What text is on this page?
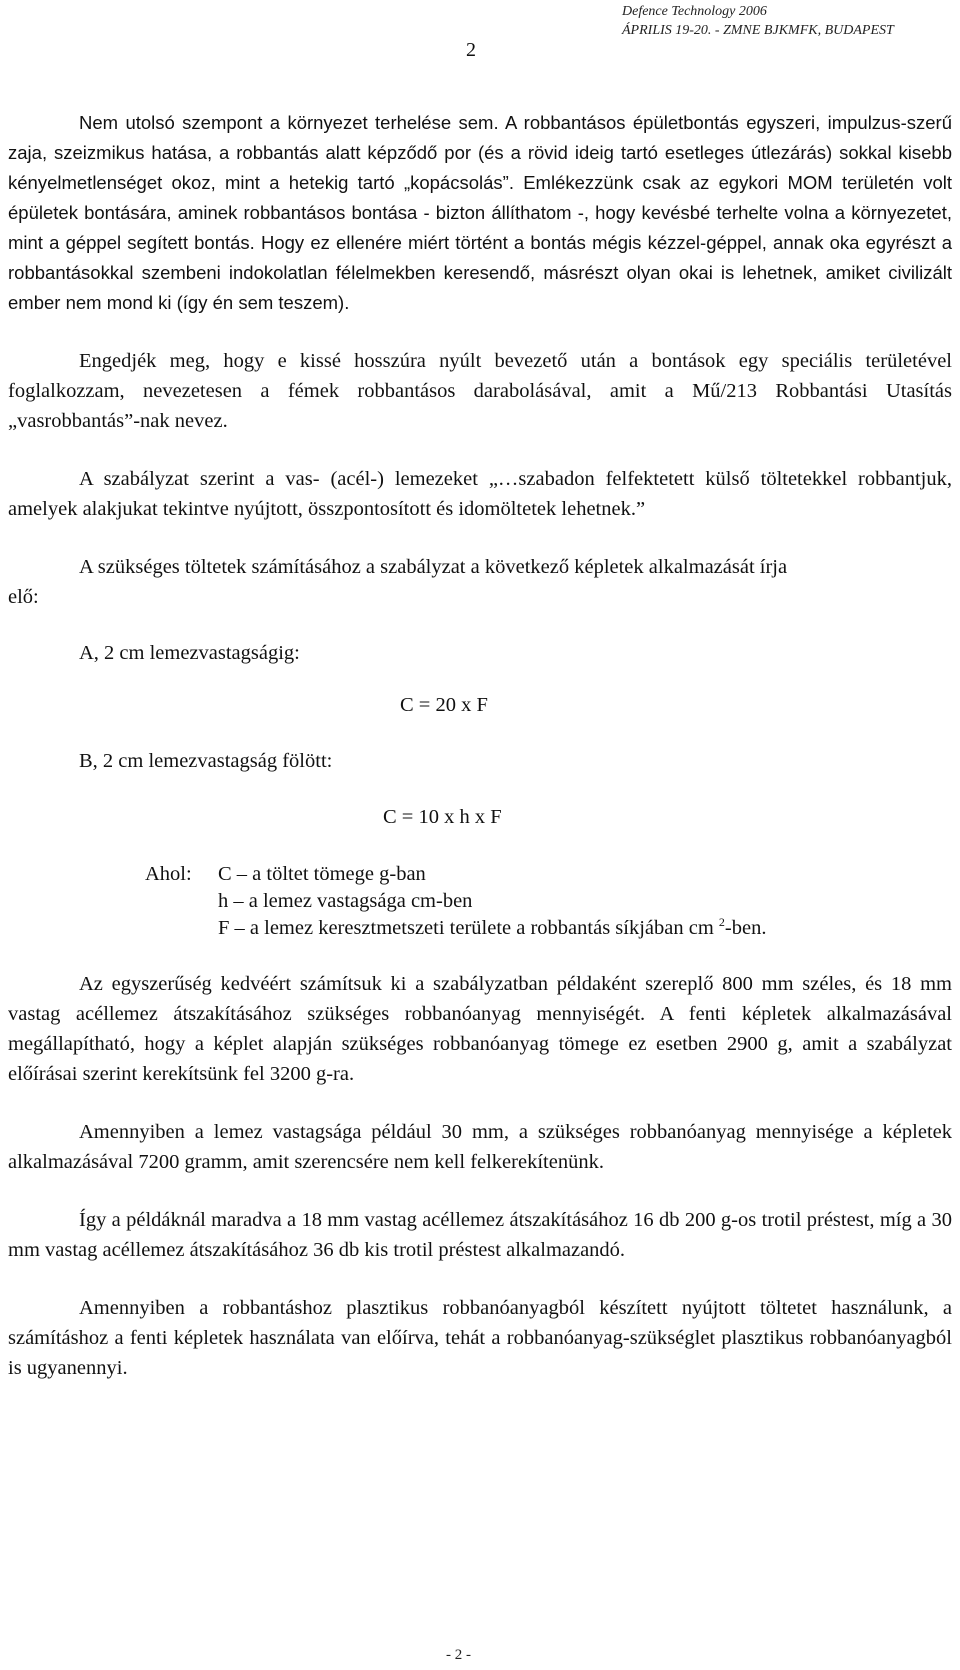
Defence Technology 2006
ÁPRILIS 19-20. - ZMNE BJKMFK, BUDAPEST
2

Nem utolsó szempont a környezet terhelése sem. A robbantásos épületbontás egyszeri, impulzus-szerű zaja, szeizmikus hatása, a robbantás alatt képződő por (és a rövid ideig tartó esetleges útlezárás) sokkal kisebb kényelmetlenséget okoz, mint a hetekig tartó „kopácsolás”. Emlékezzünk csak az egykori MOM területén volt épületek bontására, aminek robbantásos bontása - bizton állíthatom -, hogy kevésbé terhelte volna a környezetet, mint a géppel segített bontás. Hogy ez ellenére miért történt a bontás mégis kézzel-géppel, annak oka egyrészt a robbantásokkal szembeni indokolatlan félelmekben keresendő, másrészt olyan okai is lehetnek, amiket civilizált ember nem mond ki (így én sem teszem).

Engedjék meg, hogy e kissé hosszúra nyúlt bevezető után a bontások egy speciális területével foglalkozzam, nevezetesen a fémek robbantásos darabolásával, amit a Mű/213 Robbantási Utasítás „vasrobbantás”-nak nevez.

A szabályzat szerint a vas- (acél-) lemezeket „…szabadon felfektetett külső töltetekkel robbantjuk, amelyek alakjukat tekintve nyújtott, összpontosított és idomöltetek lehetnek.”

A szükséges töltetek számításához a szabályzat a következő képletek alkalmazását írja
elő:
A, 2 cm lemezvastagságig:
C = 20 x F
B, 2 cm lemezvastagság fölött:
C = 10 x h x F
Ahol:	C – a töltet tömege g-ban
h – a lemez vastagsága cm-ben
F – a lemez keresztmetszeti területe a robbantás síkjában cm $^2$-ben.

Az egyszerűség kedvéért számítsuk ki a szabályzatban példaként szereplő 800 mm széles, és 18 mm vastag acéllemez átszakításához szükséges robbanóanyag mennyiségét. A fenti képletek alkalmazásával megállapítható, hogy a képlet alapján szükséges robbanóanyag tömege ez esetben 2900 g, amit a szabályzat előírásai szerint kerekítsünk fel 3200 g-ra.

Amennyiben a lemez vastagsága például 30 mm, a szükséges robbanóanyag mennyisége a képletek alkalmazásával 7200 gramm, amit szerencsére nem kell felkerekítenünk.

Így a példáknál maradva a 18 mm vastag acéllemez átszakításához 16 db 200 g-os trotil préstest, míg a 30 mm vastag acéllemez átszakításához 36 db kis trotil préstest alkalmazandó.

Amennyiben a robbantáshoz plasztikus robbanóanyagból készített nyújtott töltetet használunk, a számításhoz a fenti képletek használata van előírva, tehát a robbanóanyag-szükséglet plasztikus robbanóanyagból is ugyanennyi.

- 2 -
